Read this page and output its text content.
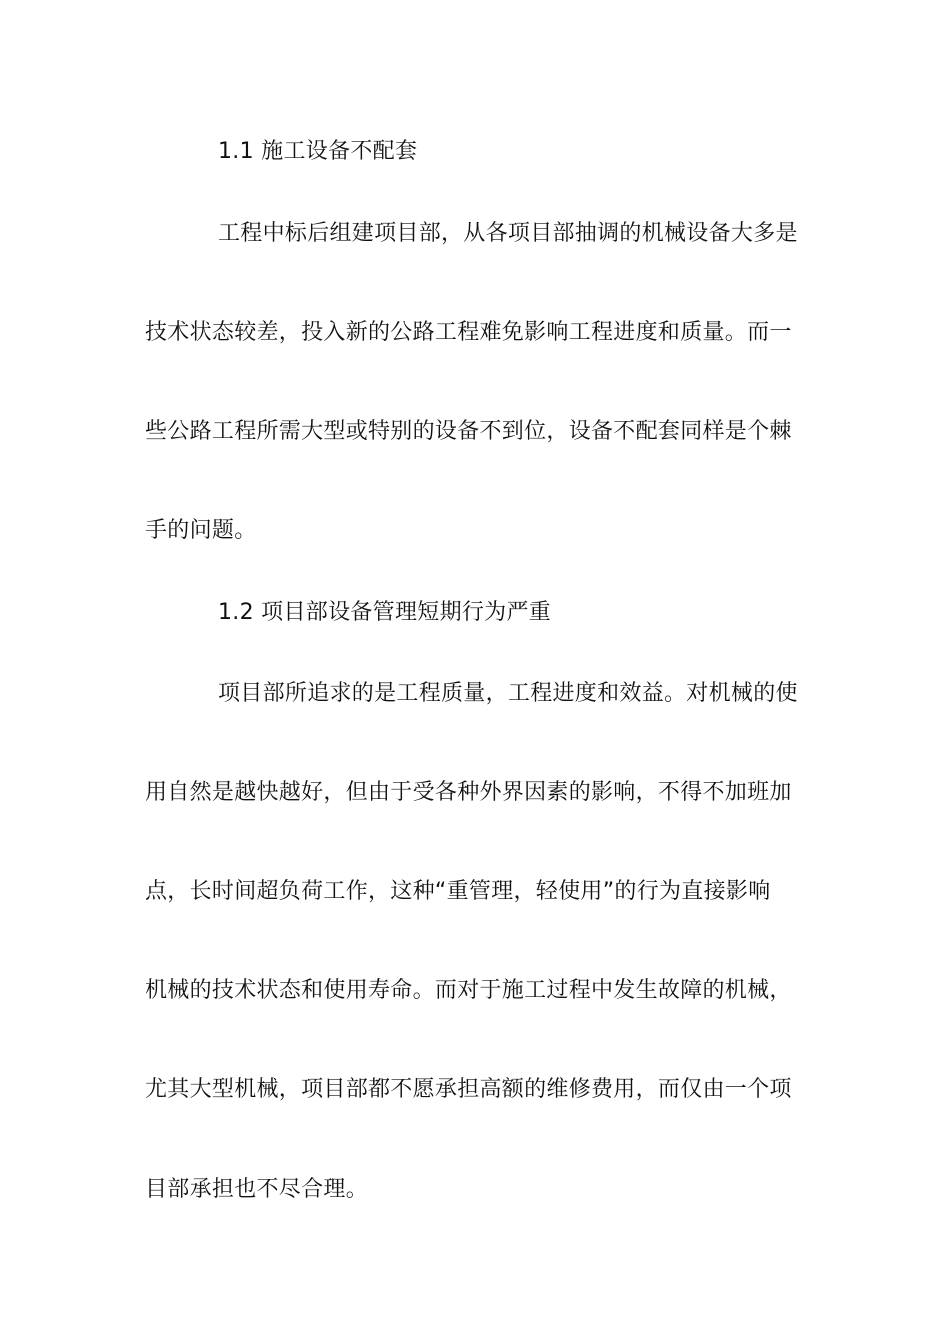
1.1 施工设备不配套
工程中标后组建项目部，从各项目部抽调的机械设备大多是
技术状态较差，投入新的公路工程难免影响工程进度和质量。而一
些公路工程所需大型或特别的设备不到位，设备不配套同样是个棘
手的问题。
1.2 项目部设备管理短期行为严重
项目部所追求的是工程质量，工程进度和效益。对机械的使
用自然是越快越好，但由于受各种外界因素的影响，不得不加班加
点，长时间超负荷工作，这种“重管理，轻使用”的行为直接影响
机械的技术状态和使用寿命。而对于施工过程中发生故障的机械，
尤其大型机械，项目部都不愿承担高额的维修费用，而仅由一个项
目部承担也不尽合理。
